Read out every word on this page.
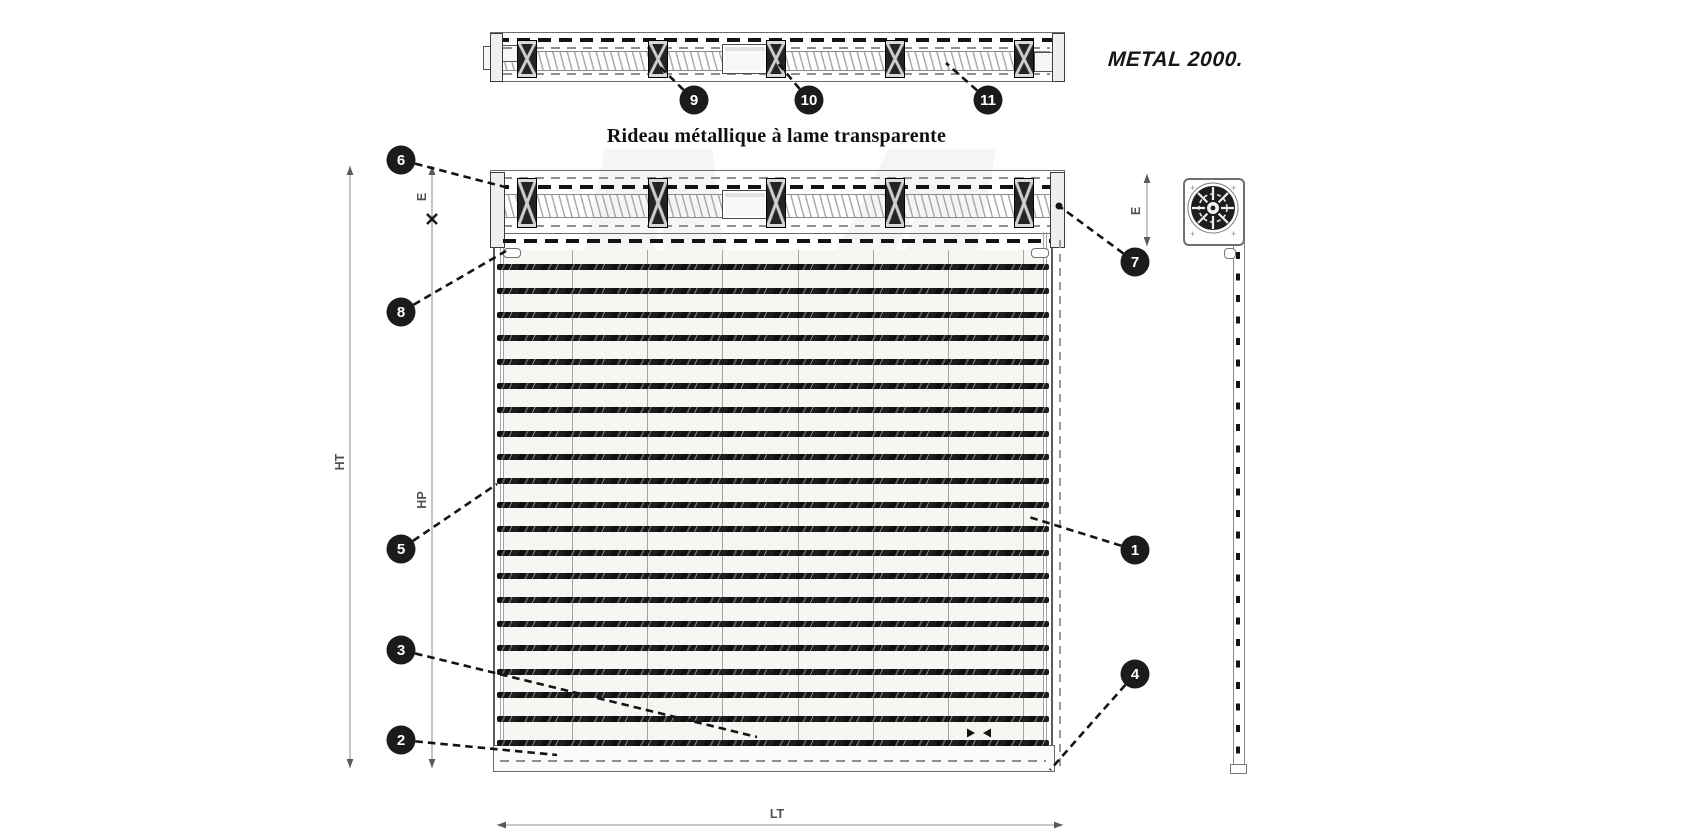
Rideau métallique à lame transparente
METAL 2000.
+	+
+	+
HT
E
HP
E
LT
1
2
3
4
5
6
7
8
9	10	11
